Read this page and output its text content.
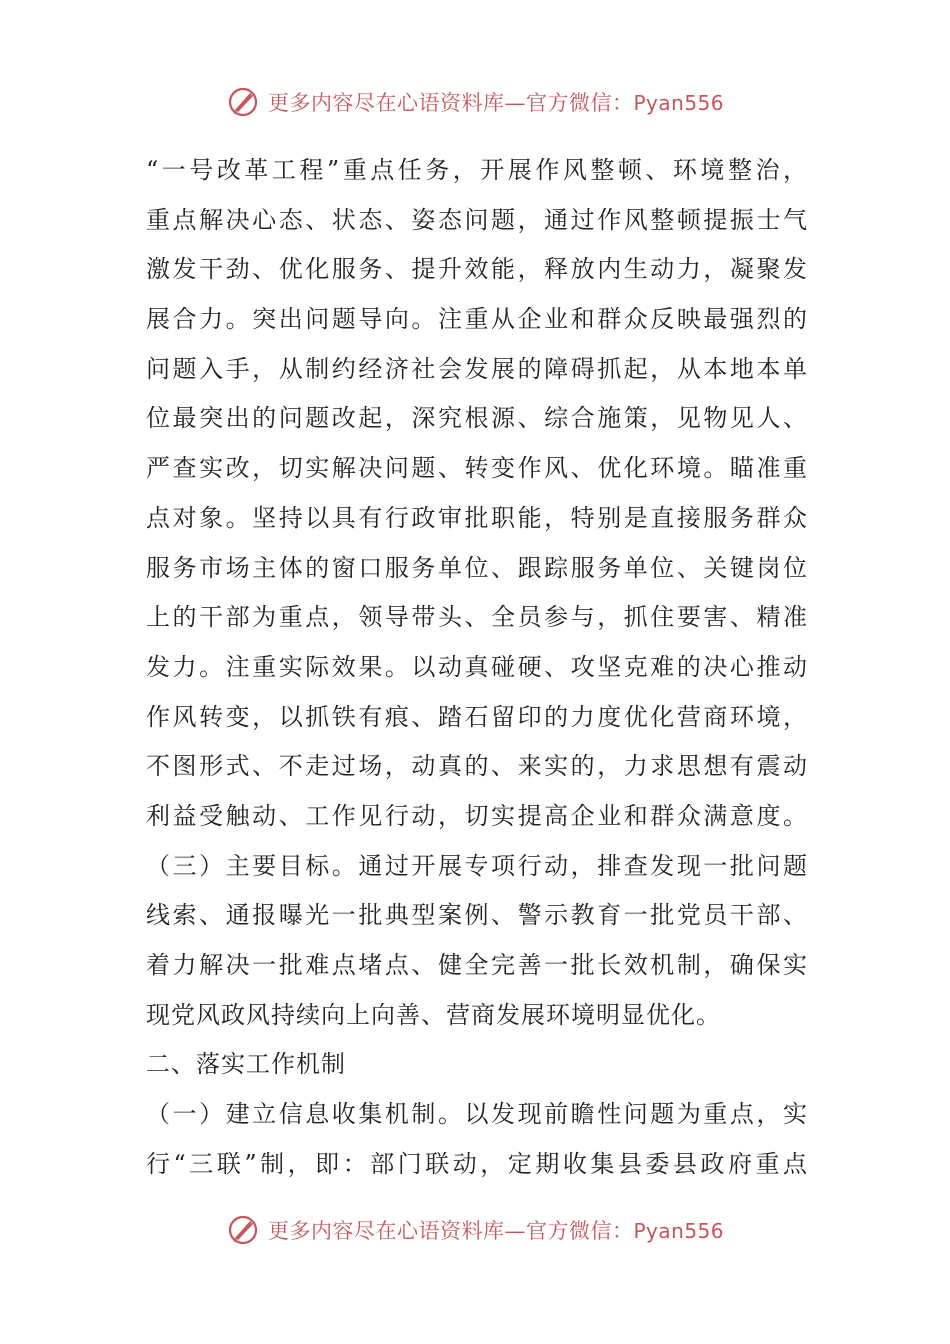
更多内容尽在心语资料库—官方微信：Pyan556
“一号改革工程”重点任务，开展作风整顿、环境整治，
重点解决心态、状态、姿态问题，通过作风整顿提振士气
激发干劲、优化服务、提升效能，释放内生动力，凝聚发
展合力。突出问题导向。注重从企业和群众反映最强烈的
问题入手，从制约经济社会发展的障碍抓起，从本地本单
位最突出的问题改起，深究根源、综合施策，见物见人、
严查实改，切实解决问题、转变作风、优化环境。瞄准重
点对象。坚持以具有行政审批职能，特别是直接服务群众
服务市场主体的窗口服务单位、跟踪服务单位、关键岗位
上的干部为重点，领导带头、全员参与，抓住要害、精准
发力。注重实际效果。以动真碰硬、攻坚克难的决心推动
作风转变，以抓铁有痕、踏石留印的力度优化营商环境，
不图形式、不走过场，动真的、来实的，力求思想有震动
利益受触动、工作见行动，切实提高企业和群众满意度。
（三）主要目标。通过开展专项行动，排查发现一批问题
线索、通报曝光一批典型案例、警示教育一批党员干部、
着力解决一批难点堵点、健全完善一批长效机制，确保实
现党风政风持续向上向善、营商发展环境明显优化。
二、落实工作机制
（一）建立信息收集机制。以发现前瞻性问题为重点，实
行“三联”制，即：部门联动，定期收集县委县政府重点
更多内容尽在心语资料库—官方微信：Pyan556
